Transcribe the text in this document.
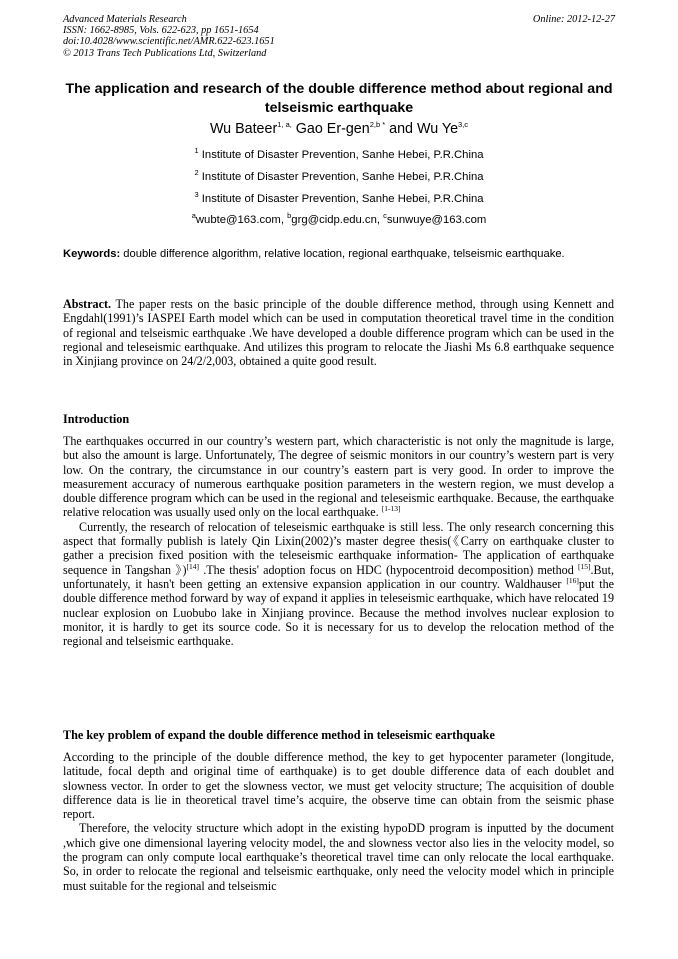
Advanced Materials Research
ISSN: 1662-8985, Vols. 622-623, pp 1651-1654
doi:10.4028/www.scientific.net/AMR.622-623.1651
© 2013 Trans Tech Publications Ltd, Switzerland
Online: 2012-12-27
The application and research of the double difference method about regional and telseismic earthquake
Wu Bateer$^{1, a,}$ Gao Er-gen$^{2,b *}$ and Wu Ye$^{3,c}$
$^1$ Institute of Disaster Prevention, Sanhe Hebei, P.R.China
$^2$ Institute of Disaster Prevention, Sanhe Hebei, P.R.China
$^3$ Institute of Disaster Prevention, Sanhe Hebei, P.R.China
$^a$wubte@163.com, $^b$grg@cidp.edu.cn, $^c$sunwuye@163.com
Keywords: double difference algorithm, relative location, regional earthquake, telseismic earthquake.
Abstract. The paper rests on the basic principle of the double difference method, through using Kennett and Engdahl(1991)’s IASPEI Earth model which can be used in computation theoretical travel time in the condition of regional and telseismic earthquake .We have developed a double difference program which can be used in the regional and teleseismic earthquake. And utilizes this program to relocate the Jiashi Ms 6.8 earthquake sequence in Xinjiang province on 24/2/2,003, obtained a quite good result.
Introduction

The earthquakes occurred in our country’s western part, which characteristic is not only the magnitude is large, but also the amount is large. Unfortunately, The degree of seismic monitors in our country’s western part is very low. On the contrary, the circumstance in our country’s eastern part is very good. In order to improve the measurement accuracy of numerous earthquake position parameters in the western region, we must develop a double difference program which can be used in the regional and teleseismic earthquake. Because, the earthquake relative relocation was usually used only on the local earthquake. [1-13]

Currently, the research of relocation of teleseismic earthquake is still less. The only research concerning this aspect that formally publish is lately Qin Lixin(2002)’s master degree thesis(《Carry on earthquake cluster to gather a precision fixed position with the teleseismic earthquake information- The application of earthquake sequence in Tangshan 》)[14] .The thesis' adoption focus on HDC (hypocentroid decomposition) method [15].But, unfortunately, it hasn't been getting an extensive expansion application in our country. Waldhauser [16]put the double difference method forward by way of expand it applies in teleseismic earthquake, which have relocated 19 nuclear explosion on Luobubo lake in Xinjiang province. Because the method involves nuclear explosion to monitor, it is hardly to get its source code. So it is necessary for us to develop the relocation method of the regional and telseismic earthquake.

The key problem of expand the double difference method in teleseismic earthquake

According to the principle of the double difference method, the key to get hypocenter parameter (longitude, latitude, focal depth and original time of earthquake) is to get double difference data of each doublet and slowness vector. In order to get the slowness vector, we must get velocity structure; The acquisition of double difference data is lie in theoretical travel time’s acquire, the observe time can obtain from the seismic phase report.

Therefore, the velocity structure which adopt in the existing hypoDD program is inputted by the document ,which give one dimensional layering velocity model, the and slowness vector also lies in the velocity model, so the program can only compute local earthquake’s theoretical travel time can only relocate the local earthquake. So, in order to relocate the regional and telseismic earthquake, only need the velocity model which in principle must suitable for the regional and telseismic
